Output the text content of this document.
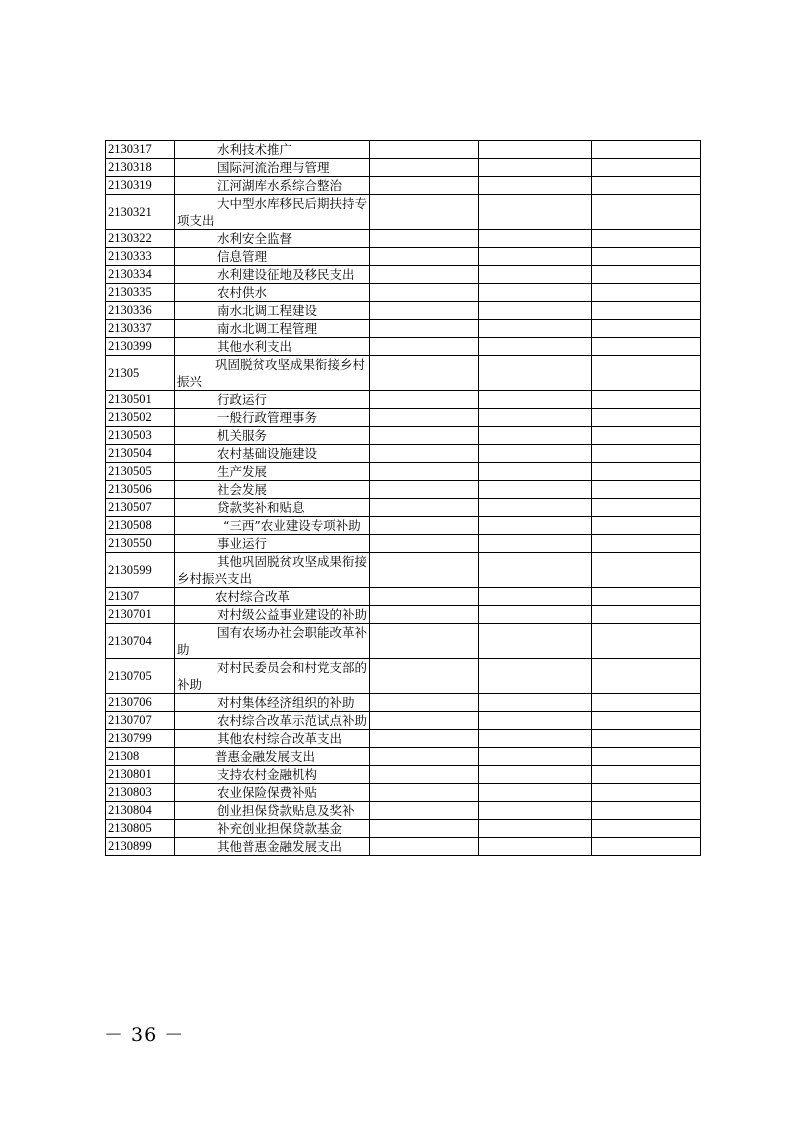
2130317	水利技术推广			
2130318	国际河流治理与管理			
2130319	江河湖库水系综合整治			
2130321	大中型水库移民后期扶持专项支出			
2130322	水利安全监督			
2130333	信息管理			
2130334	水利建设征地及移民支出			
2130335	农村供水			
2130336	南水北调工程建设			
2130337	南水北调工程管理			
2130399	其他水利支出			
21305	巩固脱贫攻坚成果衔接乡村振兴			
2130501	行政运行			
2130502	一般行政管理事务			
2130503	机关服务			
2130504	农村基础设施建设			
2130505	生产发展			
2130506	社会发展			
2130507	贷款奖补和贴息			
2130508	“三西”农业建设专项补助			
2130550	事业运行			
2130599	其他巩固脱贫攻坚成果衔接乡村振兴支出			
21307	农村综合改革			
2130701	对村级公益事业建设的补助			
2130704	国有农场办社会职能改革补助			
2130705	对村民委员会和村党支部的补助			
2130706	对村集体经济组织的补助			
2130707	农村综合改革示范试点补助			
2130799	其他农村综合改革支出			
21308	普惠金融发展支出			
2130801	支持农村金融机构			
2130803	农业保险保费补贴			
2130804	创业担保贷款贴息及奖补			
2130805	补充创业担保贷款基金			
2130899	其他普惠金融发展支出			
－ 36 －
